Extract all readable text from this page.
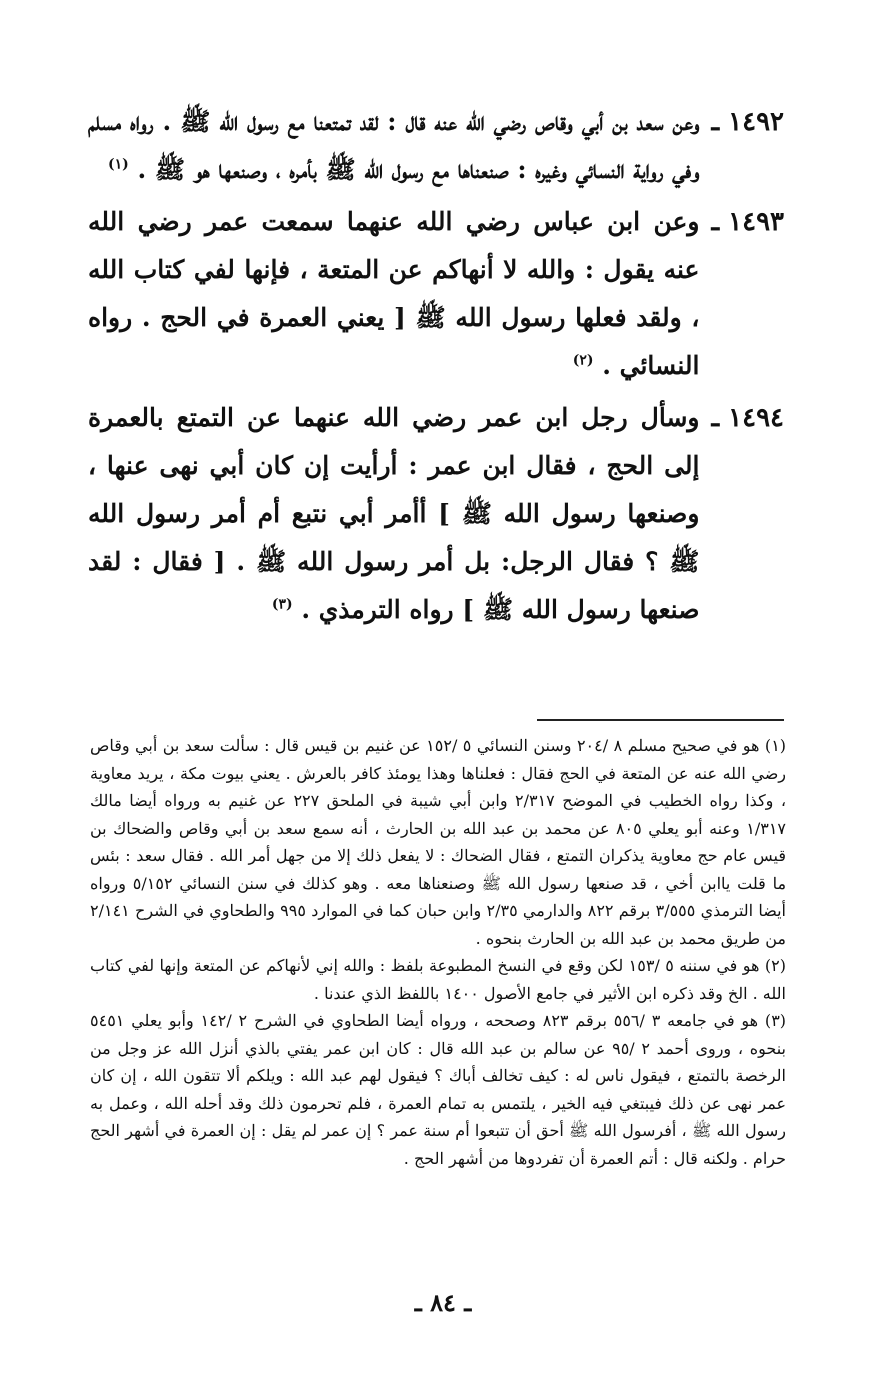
١٤٩٢ ـ
وعن سعد بن أبي وقاص رضي الله عنه قال : لقد تمتعنا مع رسول الله ﷺ . رواه مسلم وفي رواية النسائي وغيره : صنعناها مع رسول الله ﷺ بأمره ، وصنعها هو ﷺ . $^{(١)}$
١٤٩٣ ـ
وعن ابن عباس رضي الله عنهما سمعت عمر رضي الله عنه يقول : والله لا أنهاكم عن المتعة ، فإنها لفي كتاب الله ، ولقد فعلها رسول الله ﷺ [ يعني العمرة في الحج . رواه النسائي . $^{(٢)}$
١٤٩٤ ـ
وسأل رجل ابن عمر رضي الله عنهما عن التمتع بالعمرة إلى الحج ، فقال ابن عمر : أرأيت إن كان أبي نهى عنها ، وصنعها رسول الله ﷺ ] أأمر أبي نتبع أم أمر رسول الله ﷺ ؟ فقال الرجل: بل أمر رسول الله ﷺ . [ فقال : لقد صنعها رسول الله ﷺ ] رواه الترمذي . $^{(٣)}$

(١) هو في صحيح مسلم ٨ /٢٠٤ وسنن النسائي ٥ /١٥٢ عن غنيم بن قيس قال : سألت سعد بن أبي وقاص رضي الله عنه عن المتعة في الحج فقال : فعلناها وهذا يومئذ كافر بالعرش . يعني بيوت مكة ، يريد معاوية ، وكذا رواه الخطيب في الموضح ٢/٣١٧ وابن أبي شيبة في الملحق ٢٢٧ عن غنيم به ورواه أيضا مالك ١/٣١٧ وعنه أبو يعلي ٨٠٥ عن محمد بن عبد الله بن الحارث ، أنه سمع سعد بن أبي وقاص والضحاك بن قيس عام حج معاوية يذكران التمتع ، فقال الضحاك : لا يفعل ذلك إلا من جهل أمر الله . فقال سعد : بئس ما قلت ياابن أخي ، قد صنعها رسول الله ﷺ وصنعناها معه . وهو كذلك في سنن النسائي ٥/١٥٢ ورواه أيضا الترمذي ٣/٥٥٥ برقم ٨٢٢ والدارمي ٢/٣٥ وابن حبان كما في الموارد ٩٩٥ والطحاوي في الشرح ٢/١٤١ من طريق محمد بن عبد الله بن الحارث بنحوه .

(٢) هو في سننه ٥ /١٥٣ لكن وقع في النسخ المطبوعة بلفظ : والله إني لأنهاكم عن المتعة وإنها لفي كتاب الله . الخ وقد ذكره ابن الأثير في جامع الأصول ١٤٠٠ باللفظ الذي عندنا .

(٣) هو في جامعه ٣ /٥٥٦ برقم ٨٢٣ وصححه ، ورواه أيضا الطحاوي في الشرح ٢ /١٤٢ وأبو يعلي ٥٤٥١ بنحوه ، وروى أحمد ٢ /٩٥ عن سالم بن عبد الله قال : كان ابن عمر يفتي بالذي أنزل الله عز وجل من الرخصة بالتمتع ، فيقول ناس له : كيف تخالف أباك ؟ فيقول لهم عبد الله : ويلكم ألا تتقون الله ، إن كان عمر نهى عن ذلك فيبتغي فيه الخير ، يلتمس به تمام العمرة ، فلم تحرمون ذلك وقد أحله الله ، وعمل به رسول الله ﷺ ، أفرسول الله ﷺ أحق أن تتبعوا أم سنة عمر ؟ إن عمر لم يقل : إن العمرة في أشهر الحج حرام . ولكنه قال : أتم العمرة أن تفردوها من أشهر الحج .

ـ ٨٤ ـ
